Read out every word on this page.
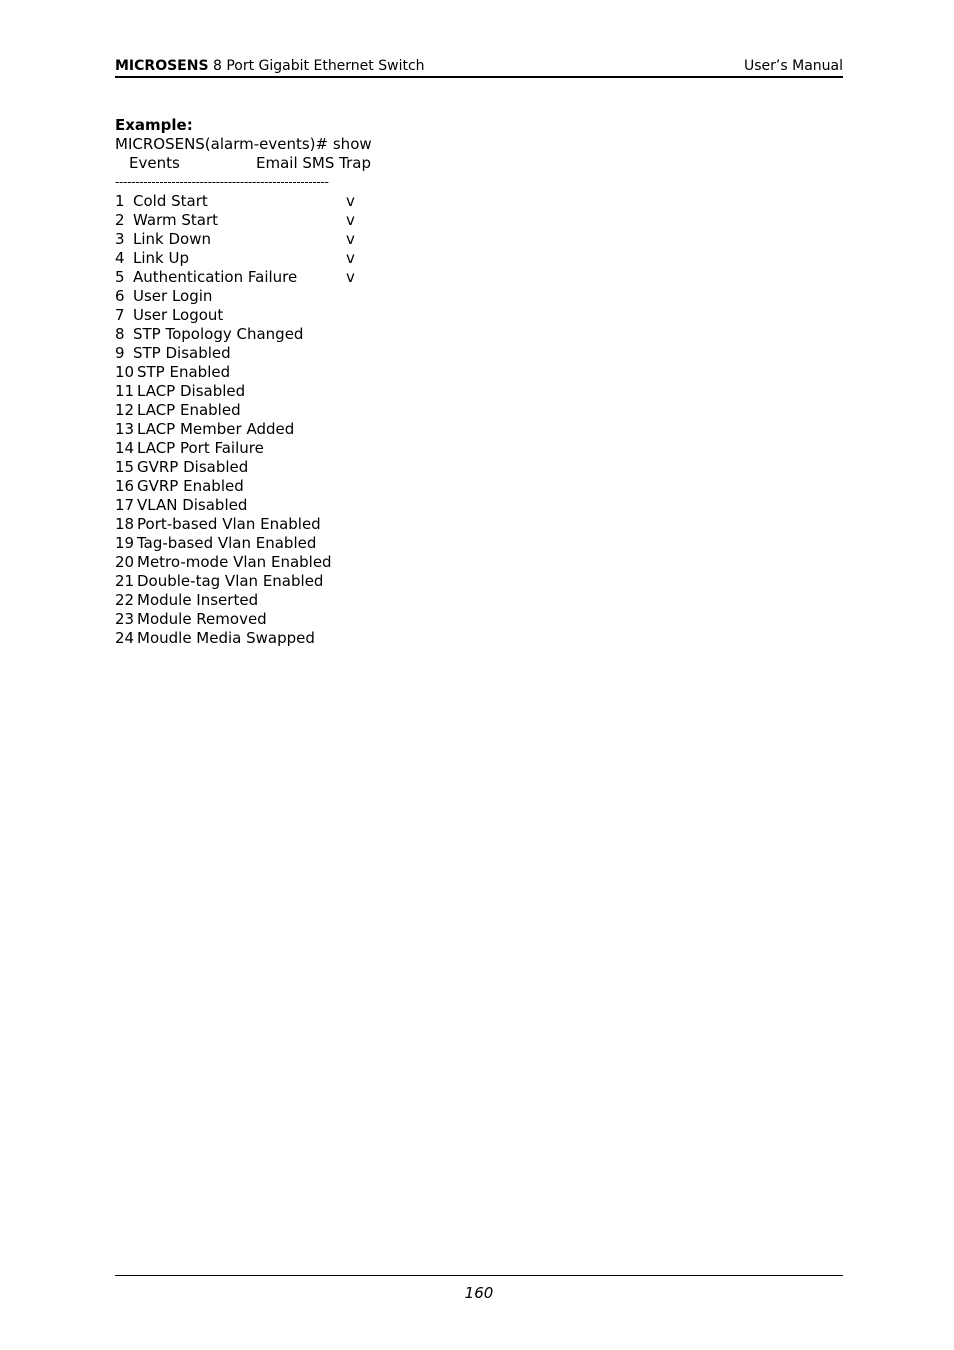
MICROSENS 8 Port Gigabit Ethernet Switch	User’s Manual
Example:
MICROSENS(alarm-events)# show

Events

	Email SMS Trap

-----------------------------------------------------
1 Cold Start	v
2 Warm Start	v
3 Link Down	v
4 Link Up	v
5 Authentication Failure	v
6 User Login
7 User Logout
8 STP Topology Changed
9 STP Disabled
10 STP Enabled
11 LACP Disabled
12 LACP Enabled
13 LACP Member Added
14 LACP Port Failure
15 GVRP Disabled
16 GVRP Enabled
17 VLAN Disabled
18 Port-based Vlan Enabled
19 Tag-based Vlan Enabled
20 Metro-mode Vlan Enabled
21 Double-tag Vlan Enabled
22 Module Inserted
23 Module Removed
24 Moudle Media Swapped
160
